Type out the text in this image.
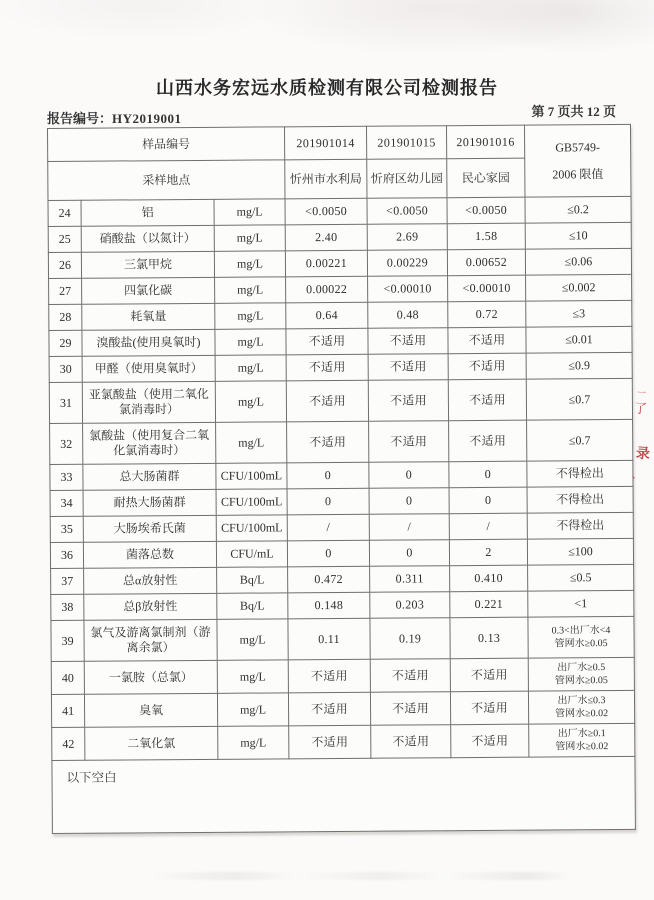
山西水务宏远水质检测有限公司检测报告
报告编号：HY2019001	第 7 页共 12 页
样品编号			201901014	201901015	201901016	GB5749-
2006 限值

采样地点			忻州市水利局	忻府区幼儿园	民心家园	
24	铝	mg/L	<0.0050	<0.0050	<0.0050	≤0.2

25	硝酸盐（以氮计）	mg/L	2.40	2.69	1.58	≤10

26	三氯甲烷	mg/L	0.00221	0.00229	0.00652	≤0.06

27	四氯化碳	mg/L	0.00022	<0.00010	<0.00010	≤0.002

28	耗氧量	mg/L	0.64	0.48	0.72	≤3

29	溴酸盐(使用臭氧时)	mg/L	不适用	不适用	不适用	≤0.01

30	甲醛（使用臭氧时）	mg/L	不适用	不适用	不适用	≤0.9

31	亚氯酸盐（使用二氧化氯消毒时）	mg/L	不适用	不适用	不适用	≤0.7

32	氯酸盐（使用复合二氧化氯消毒时）	mg/L	不适用	不适用	不适用	≤0.7

33	总大肠菌群	CFU/100mL	0	0	0	不得检出

34	耐热大肠菌群	CFU/100mL	0	0	0	不得检出

35	大肠埃希氏菌	CFU/100mL	/	/	/	不得检出

36	菌落总数	CFU/mL	0	0	2	≤100

37	总α放射性	Bq/L	0.472	0.311	0.410	≤0.5

38	总β放射性	Bq/L	0.148	0.203	0.221	<1

39	氯气及游离氯制剂（游离余氯）	mg/L	0.11	0.19	0.13	0.3<出厂水<4
管网水≥0.05

40	一氯胺（总氯）	mg/L	不适用	不适用	不适用	出厂水≥0.5
管网水≥0.05

41	臭氧	mg/L	不适用	不适用	不适用	出厂水≤0.3
管网水≥0.02

42	二氧化氯	mg/L	不适用	不适用	不适用	出厂水≥0.1
管网水≥0.02

以下空白						
一
了
录
、
